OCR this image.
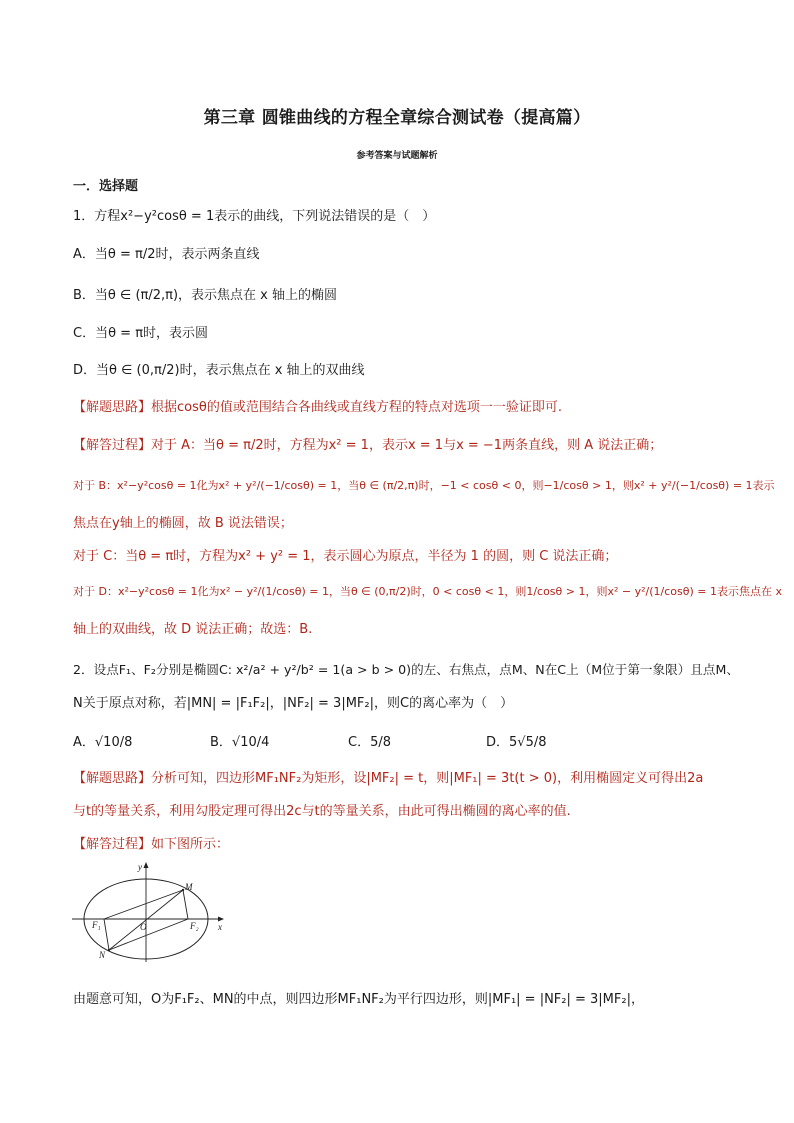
第三章 圆锥曲线的方程全章综合测试卷（提高篇）
参考答案与试题解析
一．选择题
1．方程x²−y²cosθ = 1表示的曲线，下列说法错误的是（　）
A．当θ = π/2时，表示两条直线
B．当θ ∈ (π/2,π)，表示焦点在 x 轴上的椭圆
C．当θ = π时，表示圆
D．当θ ∈ (0,π/2)时，表示焦点在 x 轴上的双曲线
【解题思路】根据cosθ的值或范围结合各曲线或直线方程的特点对选项一一验证即可.
【解答过程】对于 A：当θ = π/2时，方程为x² = 1，表示x = 1与x = −1两条直线，则 A 说法正确；
对于 B：x²−y²cosθ = 1化为x² + y²/(−1/cosθ) = 1，当θ ∈ (π/2,π)时，−1 < cosθ < 0，则−1/cosθ > 1，则x² + y²/(−1/cosθ) = 1表示
焦点在y轴上的椭圆，故 B 说法错误；
对于 C：当θ = π时，方程为x² + y² = 1，表示圆心为原点，半径为 1 的圆，则 C 说法正确；
对于 D：x²−y²cosθ = 1化为x² − y²/(1/cosθ) = 1，当θ ∈ (0,π/2)时，0 < cosθ < 1，则1/cosθ > 1，则x² − y²/(1/cosθ) = 1表示焦点在 x
轴上的双曲线，故 D 说法正确；故选：B.
2．设点F₁、F₂分别是椭圆C: x²/a² + y²/b² = 1(a > b > 0)的左、右焦点，点M、N在C上（M位于第一象限）且点M、
N关于原点对称，若|MN| = |F₁F₂|，|NF₂| = 3|MF₂|，则C的离心率为（　）
A．√10/8	B．√10/4	C．5/8	D．5√5/8
【解题思路】分析可知，四边形MF₁NF₂为矩形，设|MF₂| = t，则|MF₁| = 3t(t > 0)，利用椭圆定义可得出2a
与t的等量关系，利用勾股定理可得出2c与t的等量关系，由此可得出椭圆的离心率的值.
【解答过程】如下图所示：
y
x
M
N
O
F₁	F₂
由题意可知，O为F₁F₂、MN的中点，则四边形MF₁NF₂为平行四边形，则|MF₁| = |NF₂| = 3|MF₂|，
